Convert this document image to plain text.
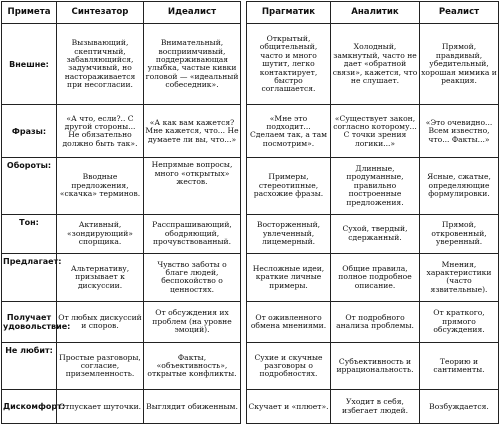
Примета	Синтезатор	Идеалист		Прагматик	Аналитик	Реалист
Внешне:	Вызывающий, скептичный, забавляющийся, задумчивый, но настораживается при несогласии.	Внимательный, восприимчивый, поддерживающая улыбка, частые кивки головой — «идеальный собеседник».		Открытый, общительный, часто и много шутит, легко контактирует, быстро соглашается.	Холодный, замкнутый, часто не дает «обратной связи», кажется, что не слушает.	Прямой, правдивый, убедительный, хорошая мимика и реакция.
Фразы:	«А что, если?.. С другой стороны... Не обязательно должно быть так».	«А как вам кажется? Мне кажется, что... Не думаете ли вы, что...»		«Мне это подходит... Сделаем так, а там посмотрим».	«Существует закон, согласно которому... С точки зрения логики...»	«Это очевидно... Всем известно, что... Факты...»
Обороты:	Вводные предложения, «скачка» терминов.	Непрямые вопросы, много «открытых» жестов.		Примеры, стереотипные, расхожие фразы.	Длинные, продуманные, правильно построенные предложения.	Ясные, сжатые, определяющие формулировки.
Тон:	Активный, «зондирующий» спорщика.	Расспрашивающий, ободряющий, прочувствованный.		Восторженный, увлеченный, лицемерный.	Сухой, твердый, сдержанный.	Прямой, откровенный, уверенный.
Предлагает:	Альтернативу, призывает к дискуссии.	Чувство заботы о благе людей, беспокойство о ценностях.		Несложные идеи, краткие личные примеры.	Общие правила, полное подробное описание.	Мнения, характеристики (часто язвительные).
Получает удовольствие:	От любых дискуссий и споров.	От обсуждения их проблем (на уровне эмоций).		От оживленного обмена мнениями.	От подробного анализа проблемы.	От краткого, прямого обсуждения.
Не любит:	Простые разговоры, согласие, приземленность.	Факты, «объективность», открытые конфликты.		Сухие и скучные разговоры о подробностях.	Субъективность и иррациональность.	Теорию и сантименты.
Дискомфорт:	Отпускает шуточки.	Выглядит обиженным.		Скучает и «плюет».	Уходит в себя, избегает людей.	Возбуждается.
